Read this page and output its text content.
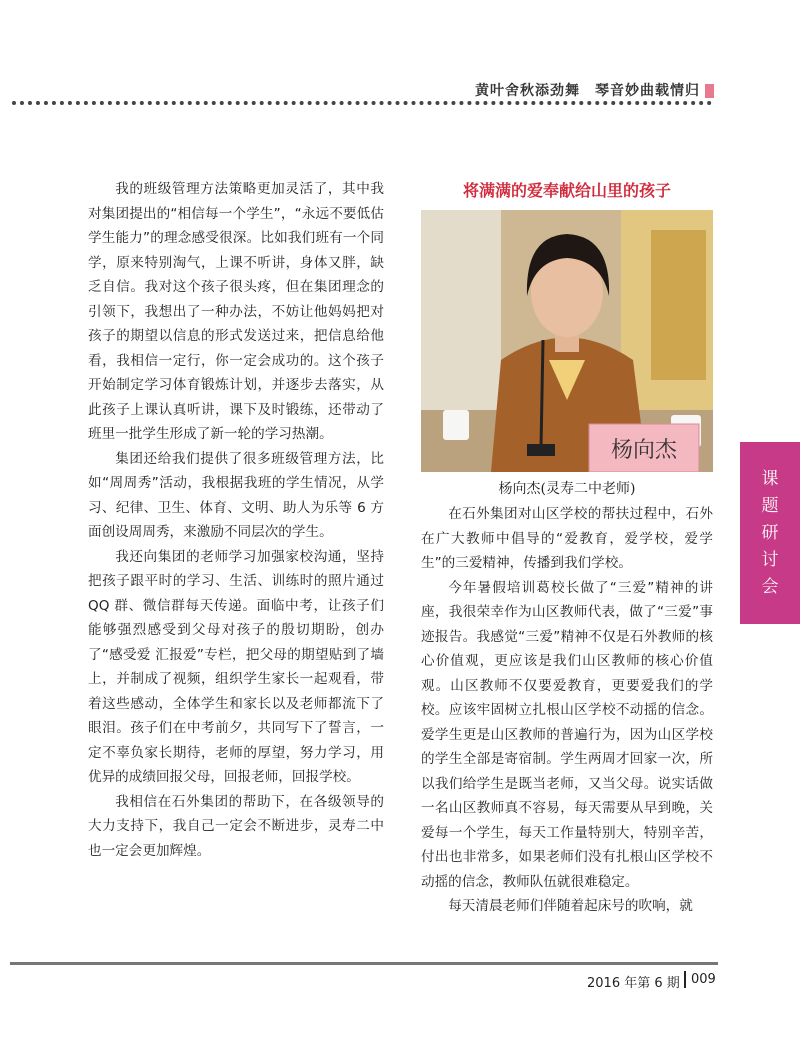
黄叶舍秋添劲舞　琴音妙曲载情归

我的班级管理方法策略更加灵活了，其中我对集团提出的“相信每一个学生”，“永远不要低估学生能力”的理念感受很深。比如我们班有一个同学，原来特别淘气，上课不听讲，身体又胖，缺乏自信。我对这个孩子很头疼，但在集团理念的引领下，我想出了一种办法，不妨让他妈妈把对孩子的期望以信息的形式发送过来，把信息给他看，我相信一定行，你一定会成功的。这个孩子开始制定学习体育锻炼计划，并逐步去落实，从此孩子上课认真听讲，课下及时锻练，还带动了班里一批学生形成了新一轮的学习热潮。

集团还给我们提供了很多班级管理方法，比如“周周秀”活动，我根据我班的学生情况，从学习、纪律、卫生、体育、文明、助人为乐等 6 方面创设周周秀，来激励不同层次的学生。

我还向集团的老师学习加强家校沟通，坚持把孩子跟平时的学习、生活、训练时的照片通过 QQ 群、微信群每天传递。面临中考，让孩子们能够强烈感受到父母对孩子的殷切期盼，创办了“感受爱 汇报爱”专栏，把父母的期望贴到了墙上，并制成了视频，组织学生家长一起观看，带着这些感动，全体学生和家长以及老师都流下了眼泪。孩子们在中考前夕，共同写下了誓言，一定不辜负家长期待，老师的厚望，努力学习，用优异的成绩回报父母，回报老师，回报学校。

我相信在石外集团的帮助下，在各级领导的大力支持下，我自己一定会不断进步，灵寿二中也一定会更加辉煌。

将满满的爱奉献给山里的孩子
杨向杰
杨向杰(灵寿二中老师)

在石外集团对山区学校的帮扶过程中，石外在广大教师中倡导的“爱教育，爱学校，爱学生”的三爱精神，传播到我们学校。

今年暑假培训葛校长做了“三爱”精神的讲座，我很荣幸作为山区教师代表，做了“三爱”事迹报告。我感觉“三爱”精神不仅是石外教师的核心价值观，更应该是我们山区教师的核心价值观。山区教师不仅要爱教育，更要爱我们的学校。应该牢固树立扎根山区学校不动摇的信念。爱学生更是山区教师的普遍行为，因为山区学校的学生全部是寄宿制。学生两周才回家一次，所以我们给学生是既当老师，又当父母。说实话做一名山区教师真不容易，每天需要从早到晚，关爱每一个学生，每天工作量特别大，特别辛苦，付出也非常多，如果老师们没有扎根山区学校不动摇的信念，教师队伍就很难稳定。

每天清晨老师们伴随着起床号的吹响，就

课
题
研
讨
会
2016 年第 6 期 009
